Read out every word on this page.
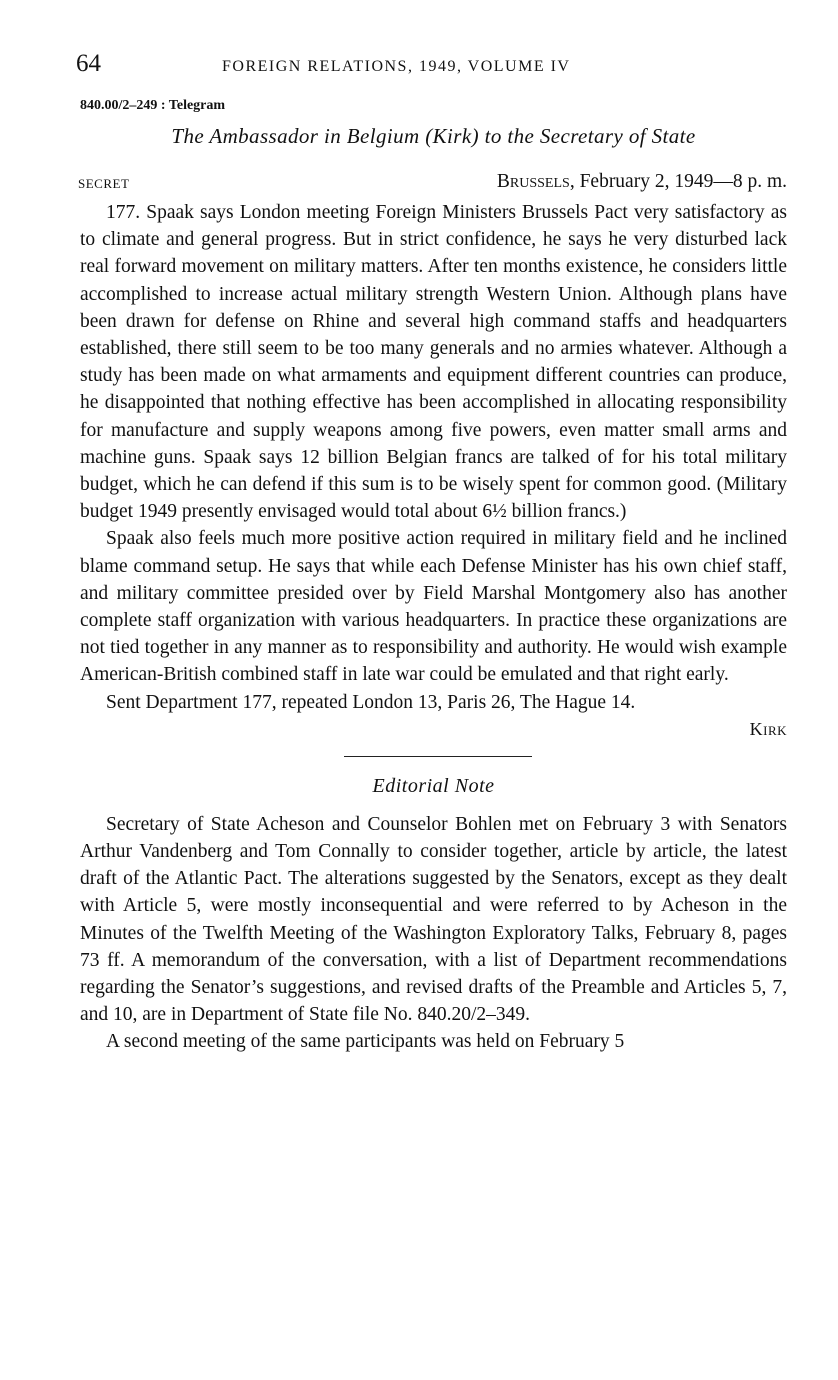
64	FOREIGN RELATIONS, 1949, VOLUME IV
840.00/2–249 : Telegram
The Ambassador in Belgium (Kirk) to the Secretary of State
SECRET	Brussels, February 2, 1949—8 p. m.

177. Spaak says London meeting Foreign Ministers Brussels Pact very satisfactory as to climate and general progress. But in strict confidence, he says he very disturbed lack real forward movement on military matters. After ten months existence, he considers little accomplished to increase actual military strength Western Union. Although plans have been drawn for defense on Rhine and several high command staffs and headquarters established, there still seem to be too many generals and no armies whatever. Although a study has been made on what armaments and equipment different countries can produce, he disappointed that nothing effective has been accomplished in allocating responsibility for manufacture and supply weapons among five powers, even matter small arms and machine guns. Spaak says 12 billion Belgian francs are talked of for his total military budget, which he can defend if this sum is to be wisely spent for common good. (Military budget 1949 presently envisaged would total about 6½ billion francs.)

Spaak also feels much more positive action required in military field and he inclined blame command setup. He says that while each Defense Minister has his own chief staff, and military committee presided over by Field Marshal Montgomery also has another complete staff organization with various headquarters. In practice these organizations are not tied together in any manner as to responsibility and authority. He would wish example American-British combined staff in late war could be emulated and that right early.

Sent Department 177, repeated London 13, Paris 26, The Hague 14.

Kirk
Editorial Note

Secretary of State Acheson and Counselor Bohlen met on February 3 with Senators Arthur Vandenberg and Tom Connally to consider together, article by article, the latest draft of the Atlantic Pact. The alterations suggested by the Senators, except as they dealt with Article 5, were mostly inconsequential and were referred to by Acheson in the Minutes of the Twelfth Meeting of the Washington Exploratory Talks, February 8, pages 73 ff. A memorandum of the conversation, with a list of Department recommendations regarding the Senator’s suggestions, and revised drafts of the Preamble and Articles 5, 7, and 10, are in Department of State file No. 840.20/2–349.

A second meeting of the same participants was held on February 5
